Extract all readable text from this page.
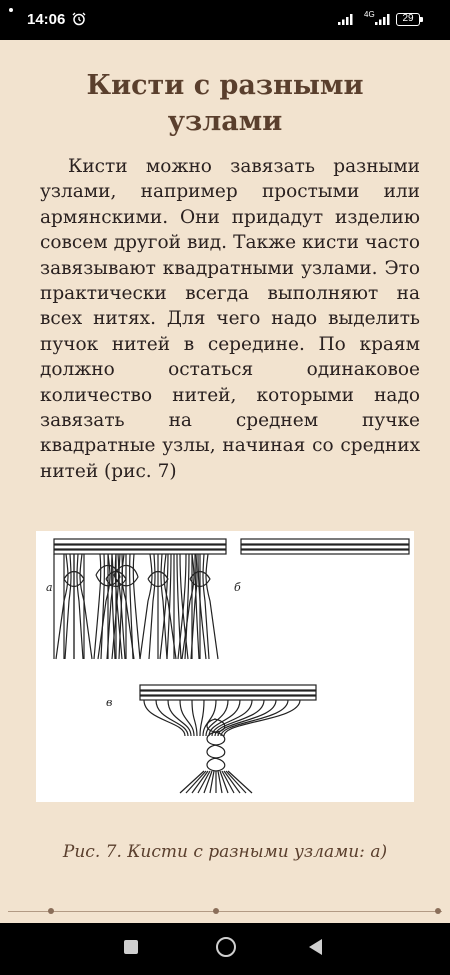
14:06	4G	29
Кисти с разными узлами
Кисти можно завязать разными узлами, например простыми или армянскими. Они придадут изделию совсем другой вид. Также кисти часто завязывают квадратными узлами. Это практически всегда выполняют на всех нитях. Для чего надо выделить пучок нитей в середине. По краям должно остаться одинаковое количество нитей, которыми надо завязать на среднем пучке квадратные узлы, начиная со средних нитей (рис. 7)
а	б
в
Рис. 7. Кисти с разными узлами: а)
